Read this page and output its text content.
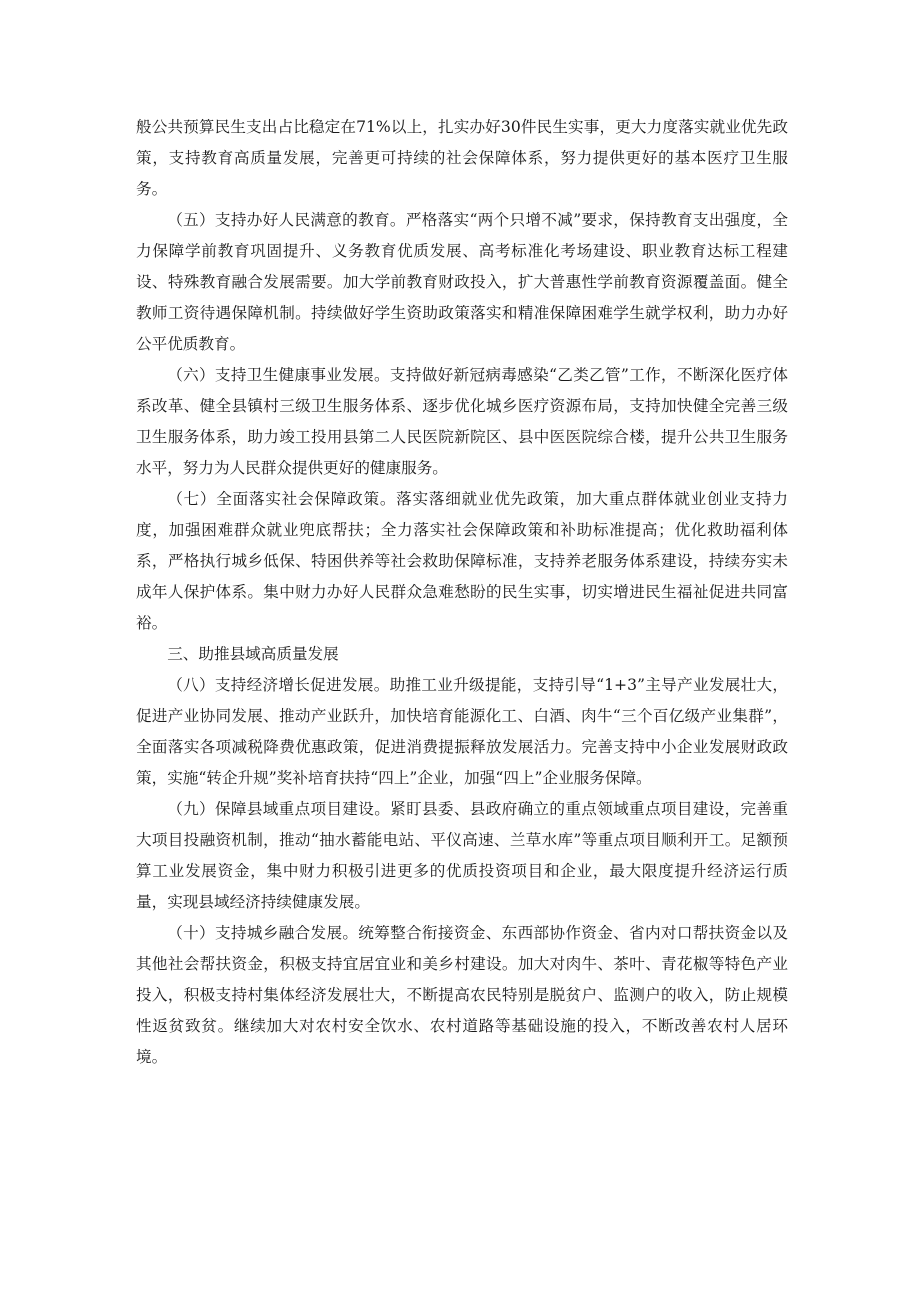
般公共预算民生支出占比稳定在71%以上，扎实办好30件民生实事，更大力度落实就业优先政策，支持教育高质量发展，完善更可持续的社会保障体系，努力提供更好的基本医疗卫生服务。

（五）支持办好人民满意的教育。严格落实“两个只增不减”要求，保持教育支出强度，全力保障学前教育巩固提升、义务教育优质发展、高考标准化考场建设、职业教育达标工程建设、特殊教育融合发展需要。加大学前教育财政投入，扩大普惠性学前教育资源覆盖面。健全教师工资待遇保障机制。持续做好学生资助政策落实和精准保障困难学生就学权利，助力办好公平优质教育。

（六）支持卫生健康事业发展。支持做好新冠病毒感染“乙类乙管”工作，不断深化医疗体系改革、健全县镇村三级卫生服务体系、逐步优化城乡医疗资源布局，支持加快健全完善三级卫生服务体系，助力竣工投用县第二人民医院新院区、县中医医院综合楼，提升公共卫生服务水平，努力为人民群众提供更好的健康服务。

（七）全面落实社会保障政策。落实落细就业优先政策，加大重点群体就业创业支持力度，加强困难群众就业兜底帮扶；全力落实社会保障政策和补助标准提高；优化救助福利体系，严格执行城乡低保、特困供养等社会救助保障标准，支持养老服务体系建设，持续夯实未成年人保护体系。集中财力办好人民群众急难愁盼的民生实事，切实增进民生福祉促进共同富裕。

三、助推县域高质量发展

（八）支持经济增长促进发展。助推工业升级提能，支持引导“1+3”主导产业发展壮大，促进产业协同发展、推动产业跃升，加快培育能源化工、白酒、肉牛“三个百亿级产业集群”，全面落实各项减税降费优惠政策，促进消费提振释放发展活力。完善支持中小企业发展财政政策，实施“转企升规”奖补培育扶持“四上”企业，加强“四上”企业服务保障。

（九）保障县域重点项目建设。紧盯县委、县政府确立的重点领域重点项目建设，完善重大项目投融资机制，推动“抽水蓄能电站、平仪高速、兰草水库”等重点项目顺利开工。足额预算工业发展资金，集中财力积极引进更多的优质投资项目和企业，最大限度提升经济运行质量，实现县域经济持续健康发展。

（十）支持城乡融合发展。统筹整合衔接资金、东西部协作资金、省内对口帮扶资金以及其他社会帮扶资金，积极支持宜居宜业和美乡村建设。加大对肉牛、茶叶、青花椒等特色产业投入，积极支持村集体经济发展壮大，不断提高农民特别是脱贫户、监测户的收入，防止规模性返贫致贫。继续加大对农村安全饮水、农村道路等基础设施的投入，不断改善农村人居环境。
